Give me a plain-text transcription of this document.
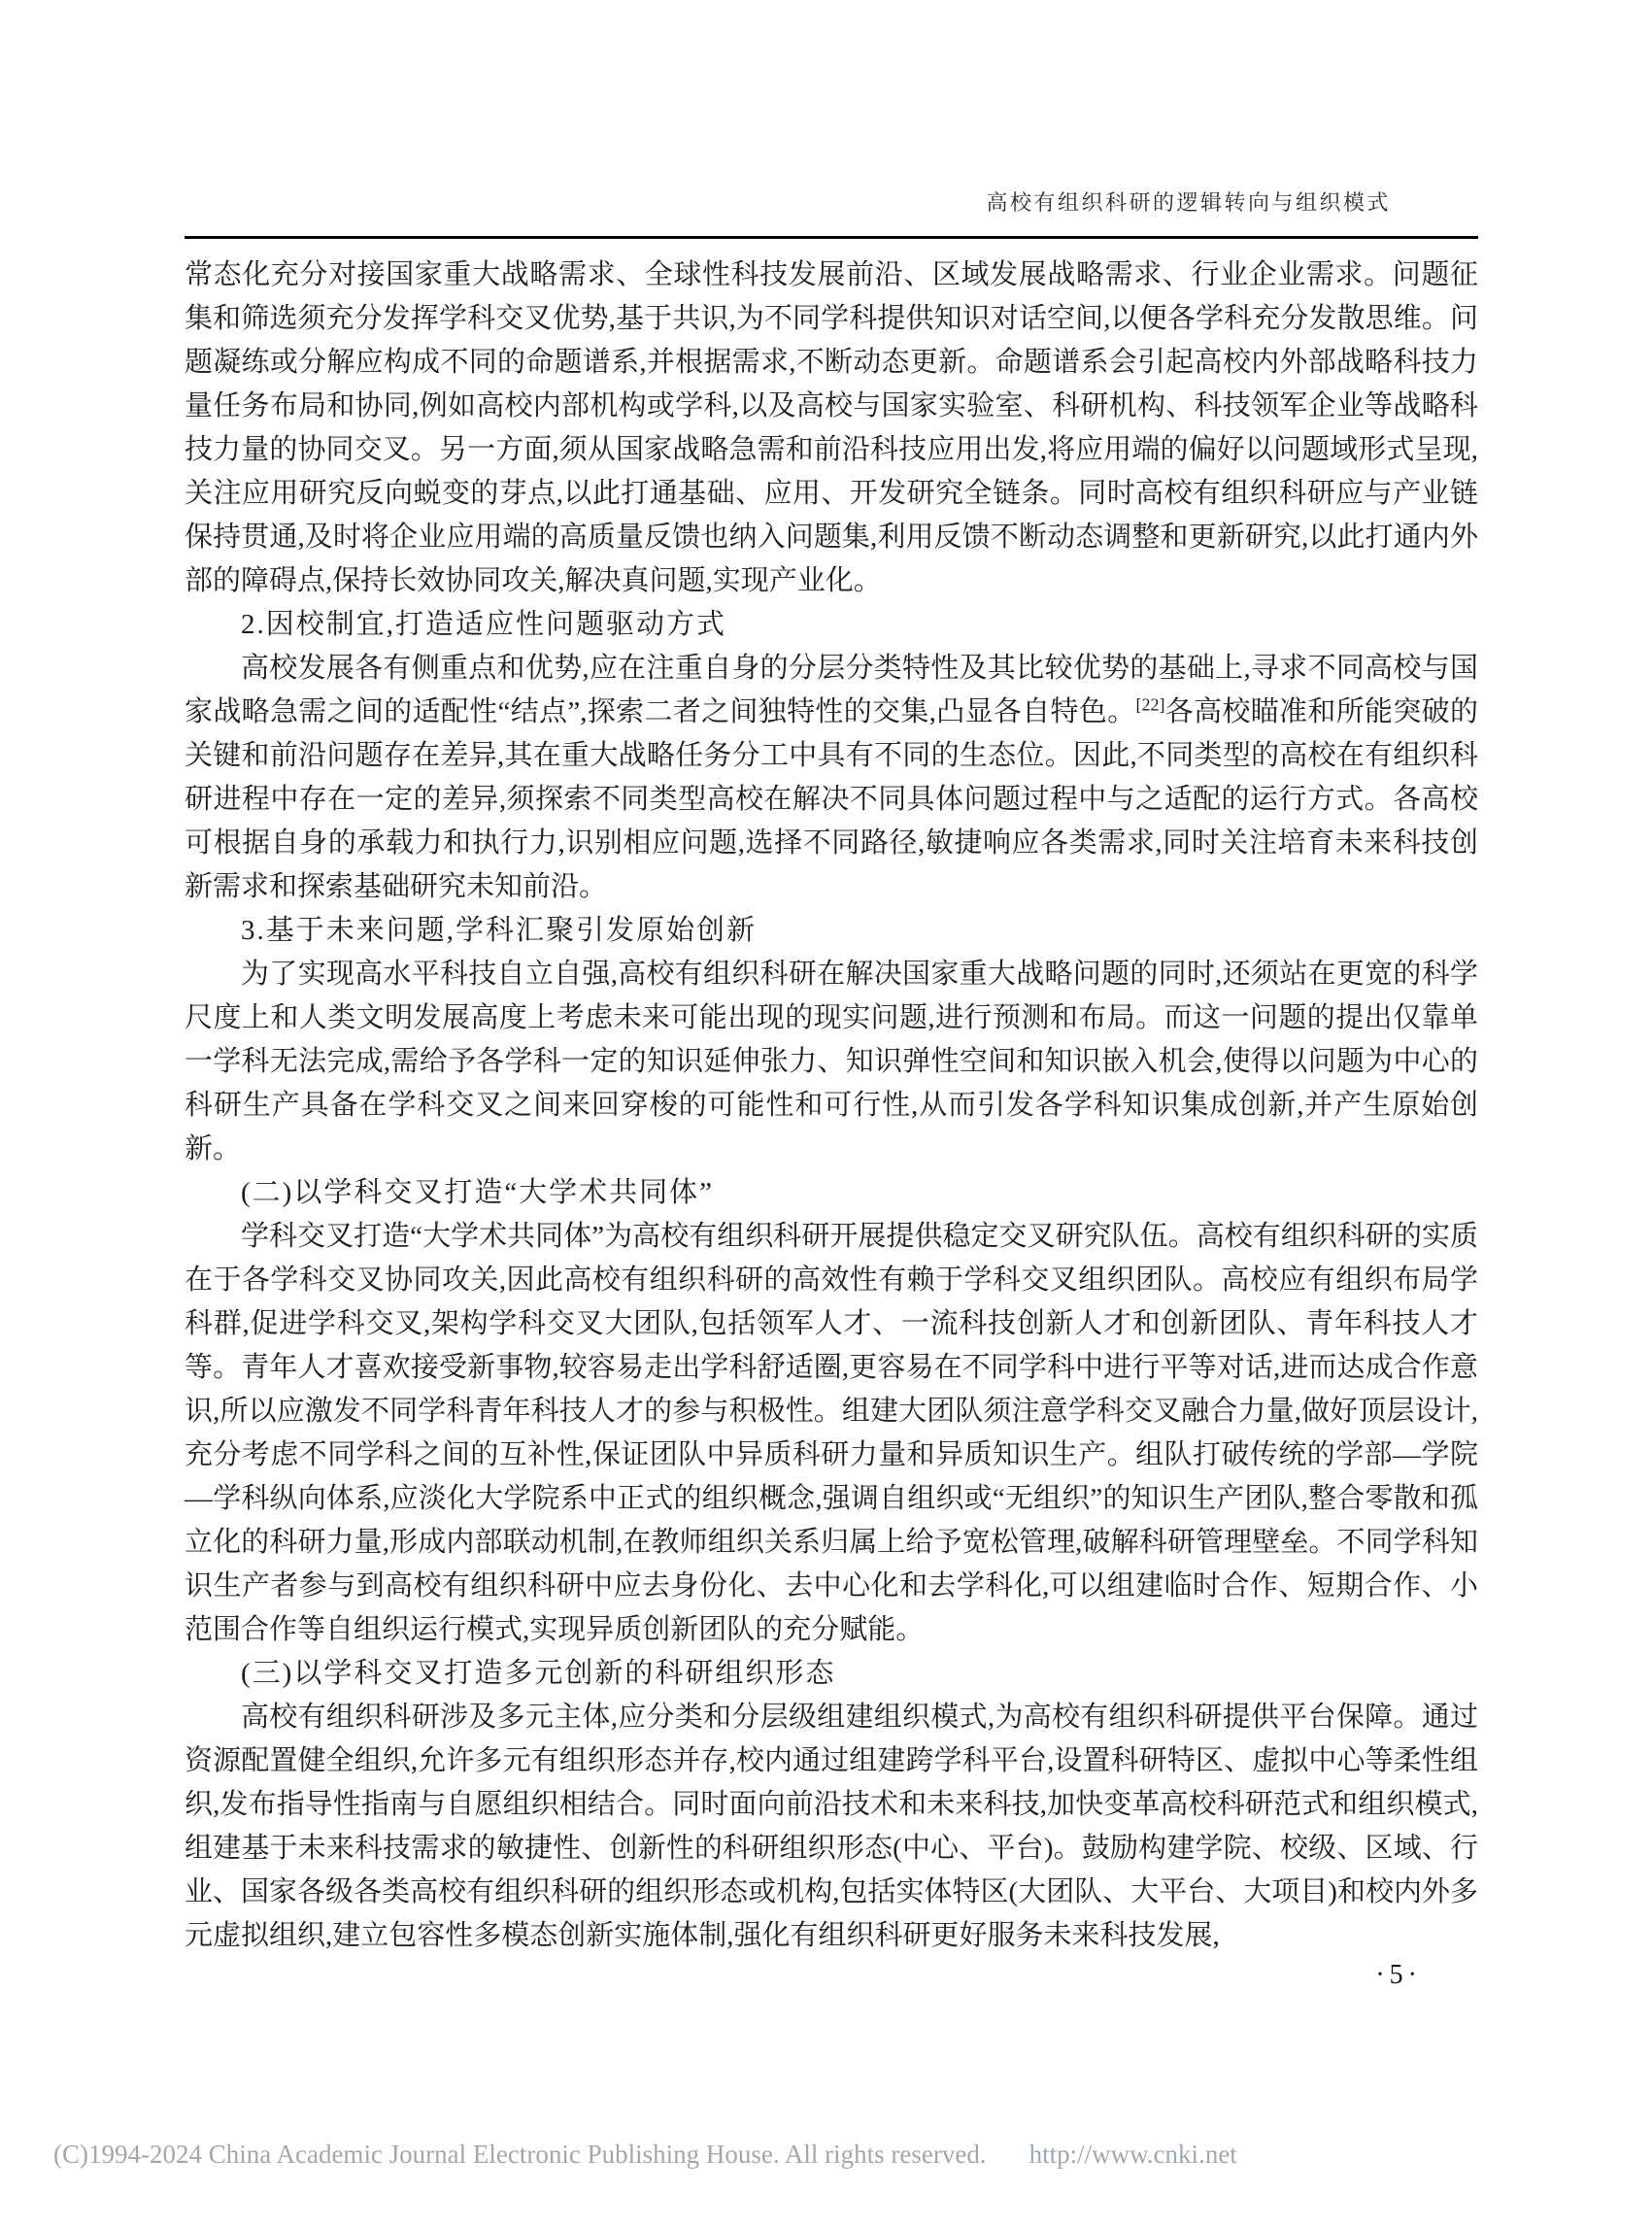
高校有组织科研的逻辑转向与组织模式

常态化充分对接国家重大战略需求、全球性科技发展前沿、区域发展战略需求、行业企业需求。问题征集和筛选须充分发挥学科交叉优势,基于共识,为不同学科提供知识对话空间,以便各学科充分发散思维。问题凝练或分解应构成不同的命题谱系,并根据需求,不断动态更新。命题谱系会引起高校内外部战略科技力量任务布局和协同,例如高校内部机构或学科,以及高校与国家实验室、科研机构、科技领军企业等战略科技力量的协同交叉。另一方面,须从国家战略急需和前沿科技应用出发,将应用端的偏好以问题域形式呈现,关注应用研究反向蜕变的芽点,以此打通基础、应用、开发研究全链条。同时高校有组织科研应与产业链保持贯通,及时将企业应用端的高质量反馈也纳入问题集,利用反馈不断动态调整和更新研究,以此打通内外部的障碍点,保持长效协同攻关,解决真问题,实现产业化。

2.因校制宜,打造适应性问题驱动方式

高校发展各有侧重点和优势,应在注重自身的分层分类特性及其比较优势的基础上,寻求不同高校与国家战略急需之间的适配性“结点”,探索二者之间独特性的交集,凸显各自特色。[22]各高校瞄准和所能突破的关键和前沿问题存在差异,其在重大战略任务分工中具有不同的生态位。因此,不同类型的高校在有组织科研进程中存在一定的差异,须探索不同类型高校在解决不同具体问题过程中与之适配的运行方式。各高校可根据自身的承载力和执行力,识别相应问题,选择不同路径,敏捷响应各类需求,同时关注培育未来科技创新需求和探索基础研究未知前沿。

3.基于未来问题,学科汇聚引发原始创新

为了实现高水平科技自立自强,高校有组织科研在解决国家重大战略问题的同时,还须站在更宽的科学尺度上和人类文明发展高度上考虑未来可能出现的现实问题,进行预测和布局。而这一问题的提出仅靠单一学科无法完成,需给予各学科一定的知识延伸张力、知识弹性空间和知识嵌入机会,使得以问题为中心的科研生产具备在学科交叉之间来回穿梭的可能性和可行性,从而引发各学科知识集成创新,并产生原始创新。

(二)以学科交叉打造“大学术共同体”

学科交叉打造“大学术共同体”为高校有组织科研开展提供稳定交叉研究队伍。高校有组织科研的实质在于各学科交叉协同攻关,因此高校有组织科研的高效性有赖于学科交叉组织团队。高校应有组织布局学科群,促进学科交叉,架构学科交叉大团队,包括领军人才、一流科技创新人才和创新团队、青年科技人才等。青年人才喜欢接受新事物,较容易走出学科舒适圈,更容易在不同学科中进行平等对话,进而达成合作意识,所以应激发不同学科青年科技人才的参与积极性。组建大团队须注意学科交叉融合力量,做好顶层设计,充分考虑不同学科之间的互补性,保证团队中异质科研力量和异质知识生产。组队打破传统的学部—学院—学科纵向体系,应淡化大学院系中正式的组织概念,强调自组织或“无组织”的知识生产团队,整合零散和孤立化的科研力量,形成内部联动机制,在教师组织关系归属上给予宽松管理,破解科研管理壁垒。不同学科知识生产者参与到高校有组织科研中应去身份化、去中心化和去学科化,可以组建临时合作、短期合作、小范围合作等自组织运行模式,实现异质创新团队的充分赋能。

(三)以学科交叉打造多元创新的科研组织形态

高校有组织科研涉及多元主体,应分类和分层级组建组织模式,为高校有组织科研提供平台保障。通过资源配置健全组织,允许多元有组织形态并存,校内通过组建跨学科平台,设置科研特区、虚拟中心等柔性组织,发布指导性指南与自愿组织相结合。同时面向前沿技术和未来科技,加快变革高校科研范式和组织模式,组建基于未来科技需求的敏捷性、创新性的科研组织形态(中心、平台)。鼓励构建学院、校级、区域、行业、国家各级各类高校有组织科研的组织形态或机构,包括实体特区(大团队、大平台、大项目)和校内外多元虚拟组织,建立包容性多模态创新实施体制,强化有组织科研更好服务未来科技发展,

·5·
(C)1994-2024 China Academic Journal Electronic Publishing House. All rights reserved. http://www.cnki.net
